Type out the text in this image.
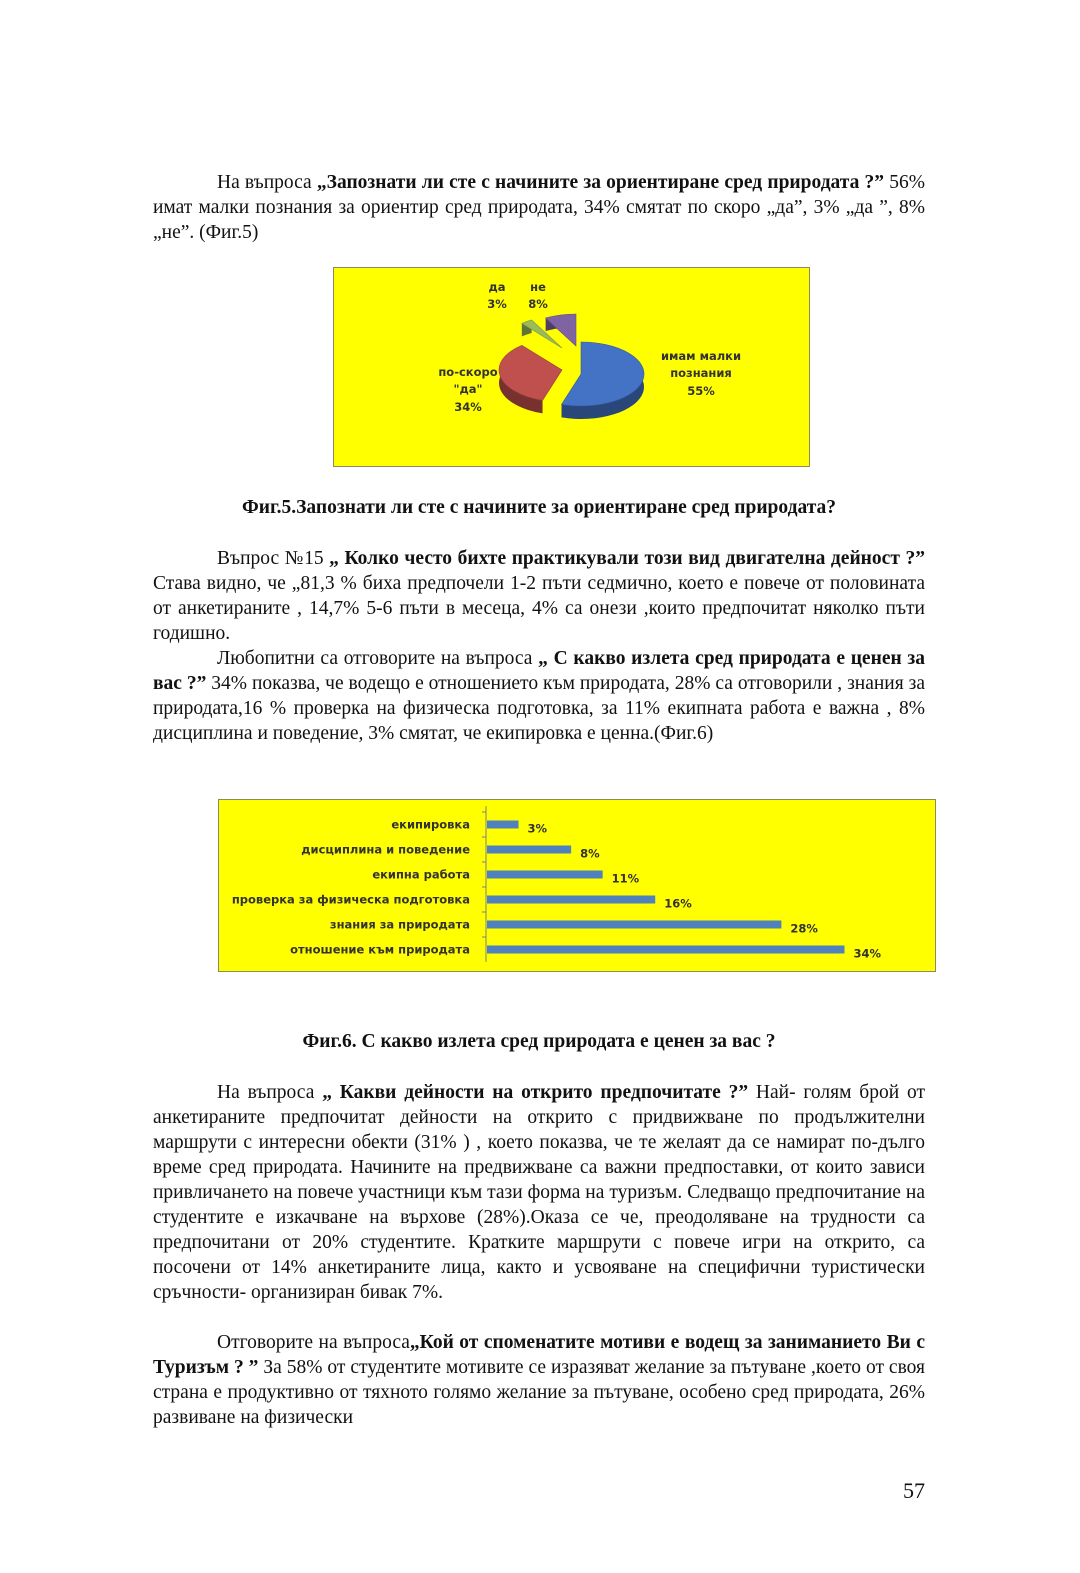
На въпроса „Запознати ли сте с начините за ориентиране сред природата ?” 56% имат малки познания за ориентир сред природата, 34% смятат по скоро „да”, 3% „да ”, 8% „не”. (Фиг.5)

имам малки
познания
55%
по-скоро
"да"
34%
да
3%
не
8%

Фиг.5.Запознати ли сте с начините за ориентиране сред природата?

Въпрос №15 „ Колко често бихте практикували този вид двигателна дейност ?” Става видно, че „81,3 % биха предпочели 1-2 пъти седмично, което е повече от половината от анкетираните , 14,7% 5-6 пъти в месеца, 4% са онези ,които предпочитат няколко пъти годишно.

Любопитни са отговорите на въпроса „ С какво излета сред природата е ценен за вас ?” 34% показва, че водещо е отношението към природата, 28% са отговорили , знания за природата,16 % проверка на физическа подготовка, за 11% екипната работа е важна , 8% дисциплина и поведение, 3% смятат, че екипировка е ценна.(Фиг.6)

екипировка	3%
дисциплина и поведение	8%
екипна работа	11%
проверка за физическа подготовка	16%
знания за природата	28%
отношение към природата	34%

Фиг.6. С какво излета сред природата е ценен за вас ?

На въпроса „ Какви дейности на открито предпочитате ?” Най- голям брой от анкетираните предпочитат дейности на открито с придвижване по продължителни маршрути с интересни обекти (31% ) , което показва, че те желаят да се намират по-дълго време сред природата. Начините на предвижване са важни предпоставки, от които зависи привличането на повече участници към тази форма на туризъм. Следващо предпочитание на студентите е изкачване на върхове (28%).Оказа се че, преодоляване на трудности са предпочитани от 20% студентите. Кратките маршрути с повече игри на открито, са посочени от 14% анкетираните лица, както и усвояване на специфични туристически сръчности- организиран бивак 7%.

Отговорите на въпроса„Кой от споменатите мотиви е водещ за заниманието Ви с Туризъм ? ” За 58% от студентите мотивите се изразяват желание за пътуване ,което от своя страна е продуктивно от тяхното голямо желание за пътуване, особено сред природата, 26% развиване на физически

57
